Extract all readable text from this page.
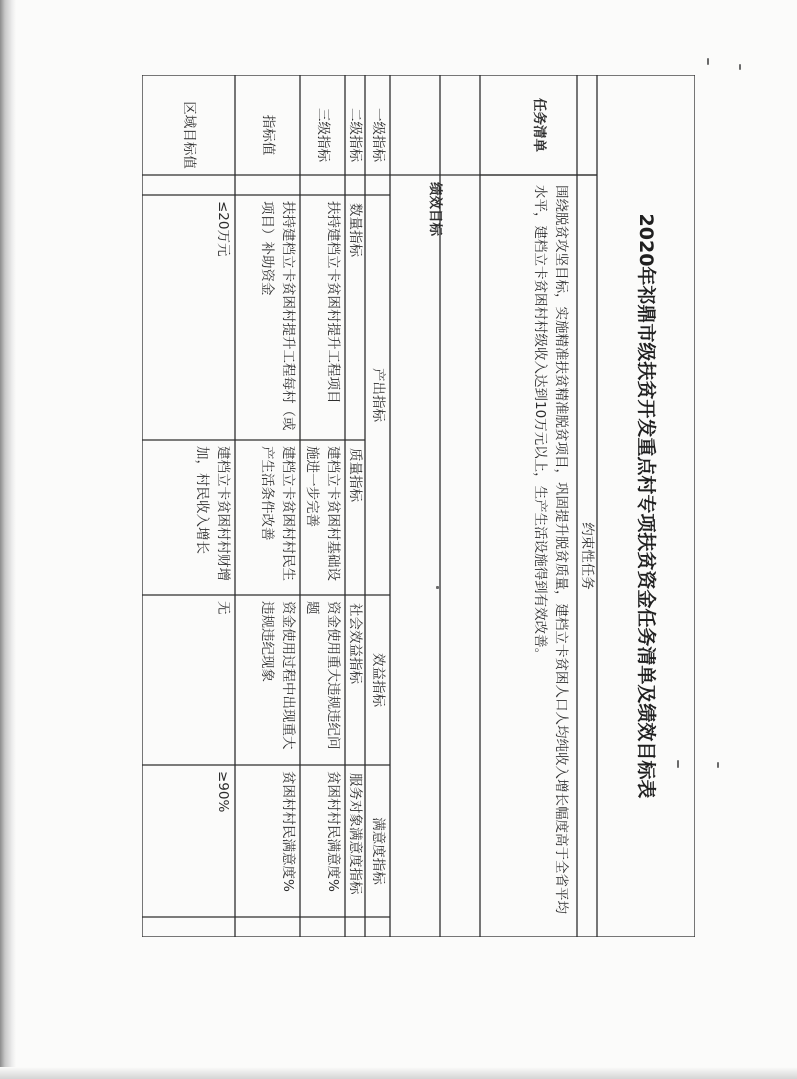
2020年祁鼎市级扶贫开发重点村专项扶贫资金任务清单及绩效目标表
任务清单
约束性任务
围绕脱贫攻坚目标，实施精准扶贫精准脱贫项目，巩固提升脱贫质量，建档立卡贫困人口人均纯收入增长幅度高于全省平均水平，建档立卡贫困村村级收入达到10万元以上，生产生活设施得到有效改善。
绩效目标
一级指标
产出指标
效益指标
满意度指标
二级指标
数量指标
质量指标
社会效益指标
服务对象满意度指标
三级指标
扶持建档立卡贫困村提升工程项目
建档立卡贫困村基础设施进一步完善
资金使用重大违规违纪问题
贫困村村民满意度%
指标值
扶持建档立卡贫困村提升工程每村（或项目）补助资金
建档立卡贫困村村民生产生活条件改善
资金使用过程中出现重大违规违纪现象
贫困村村民满意度%
区域目标值
≤20万元
建档立卡贫困村村财增加，村民收入增长
无
≥90%
